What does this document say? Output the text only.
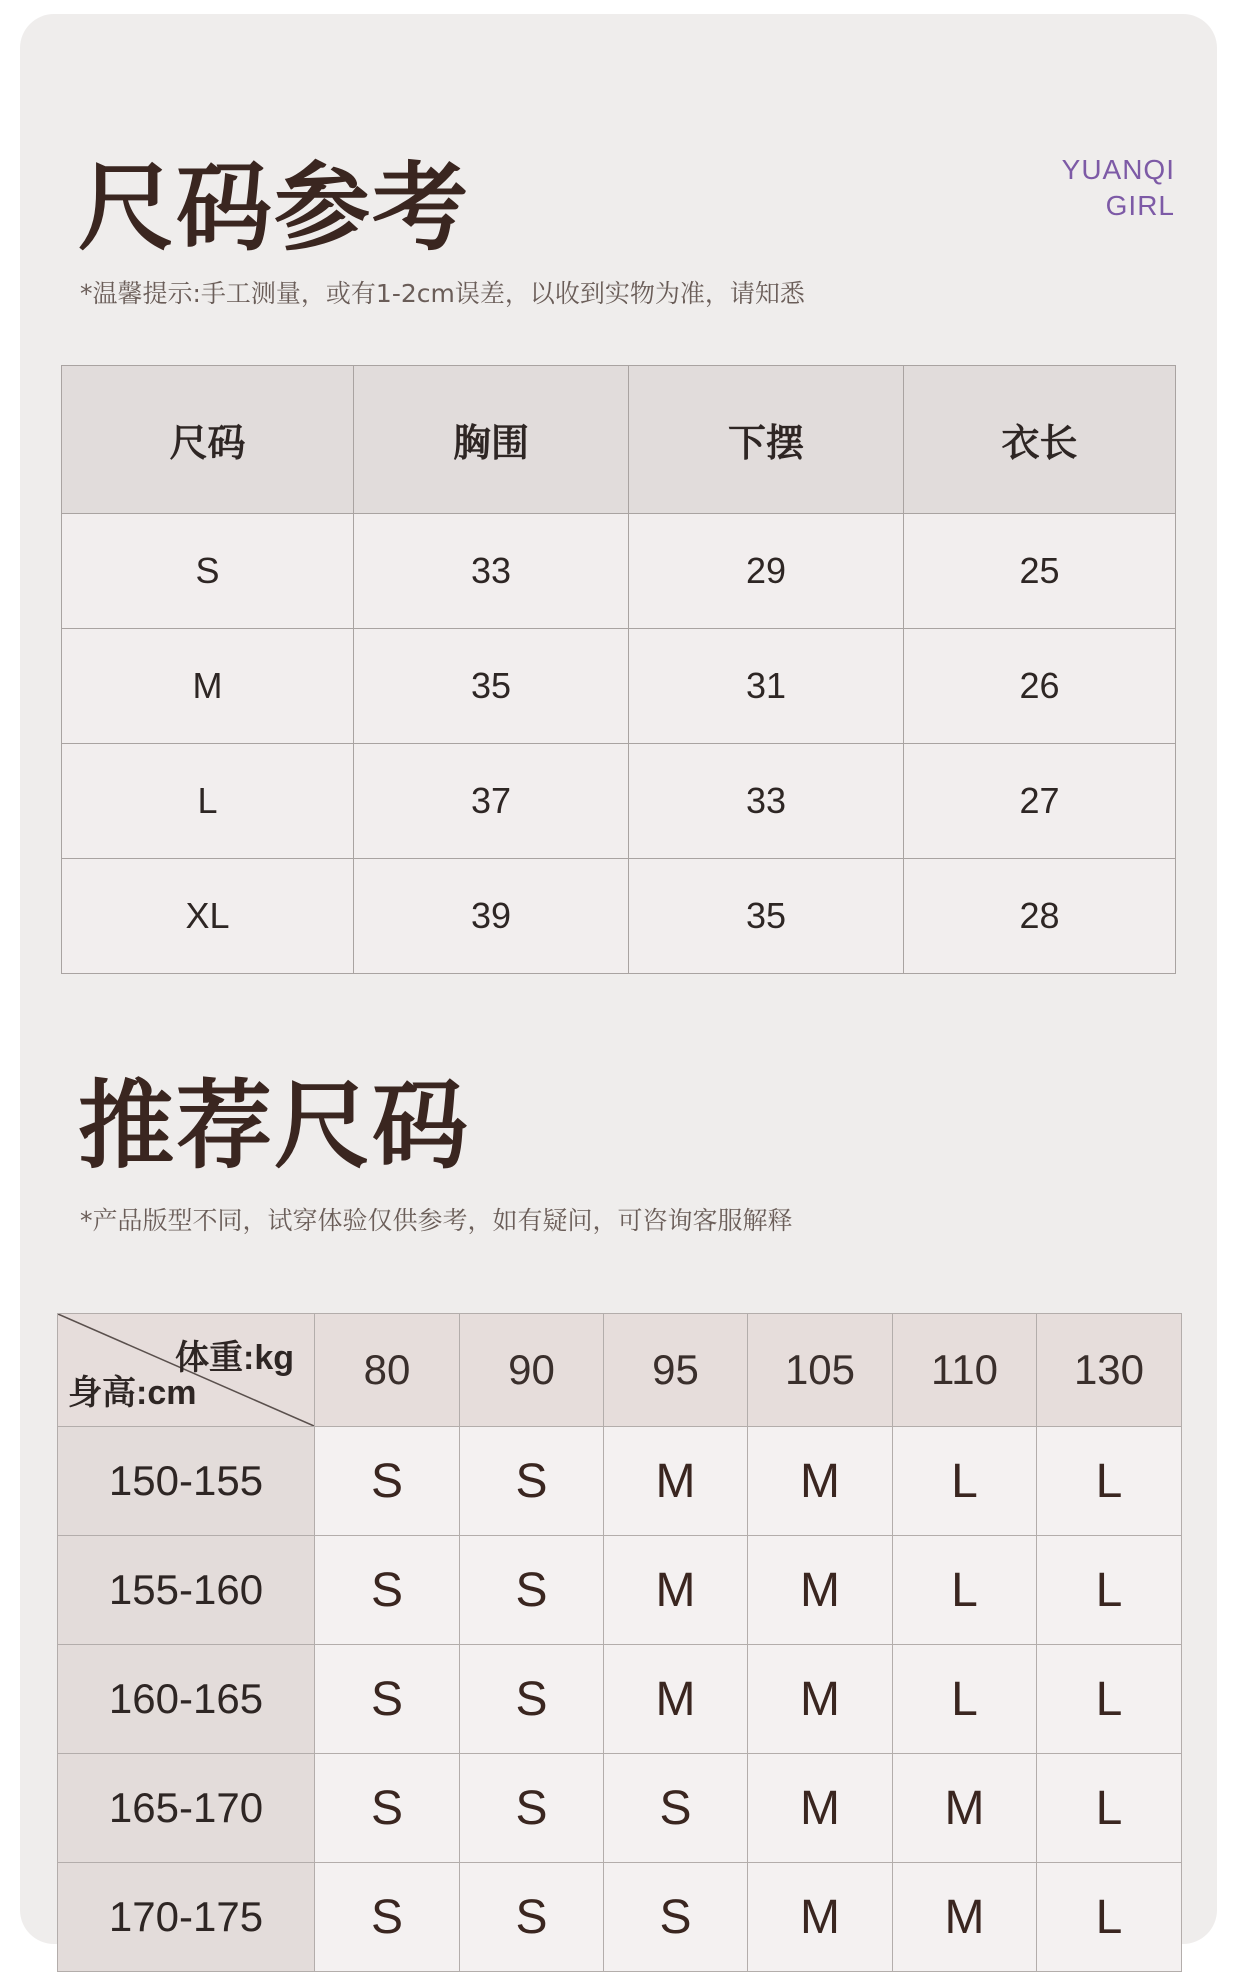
YUANQI
GIRL
尺码参考
*温馨提示:手工测量，或有1-2cm误差，以收到实物为准，请知悉
尺码	胸围	下摆	衣长
S	33	29	25
M	35	31	26
L	37	33	27
XL	39	35	28
推荐尺码
*产品版型不同，试穿体验仅供参考，如有疑问，可咨询客服解释
体重:kg
身高:cm	80	90	95	105	110	130
150-155	S	S	M	M	L	L
155-160	S	S	M	M	L	L
160-165	S	S	M	M	L	L
165-170	S	S	S	M	M	L
170-175	S	S	S	M	M	L
